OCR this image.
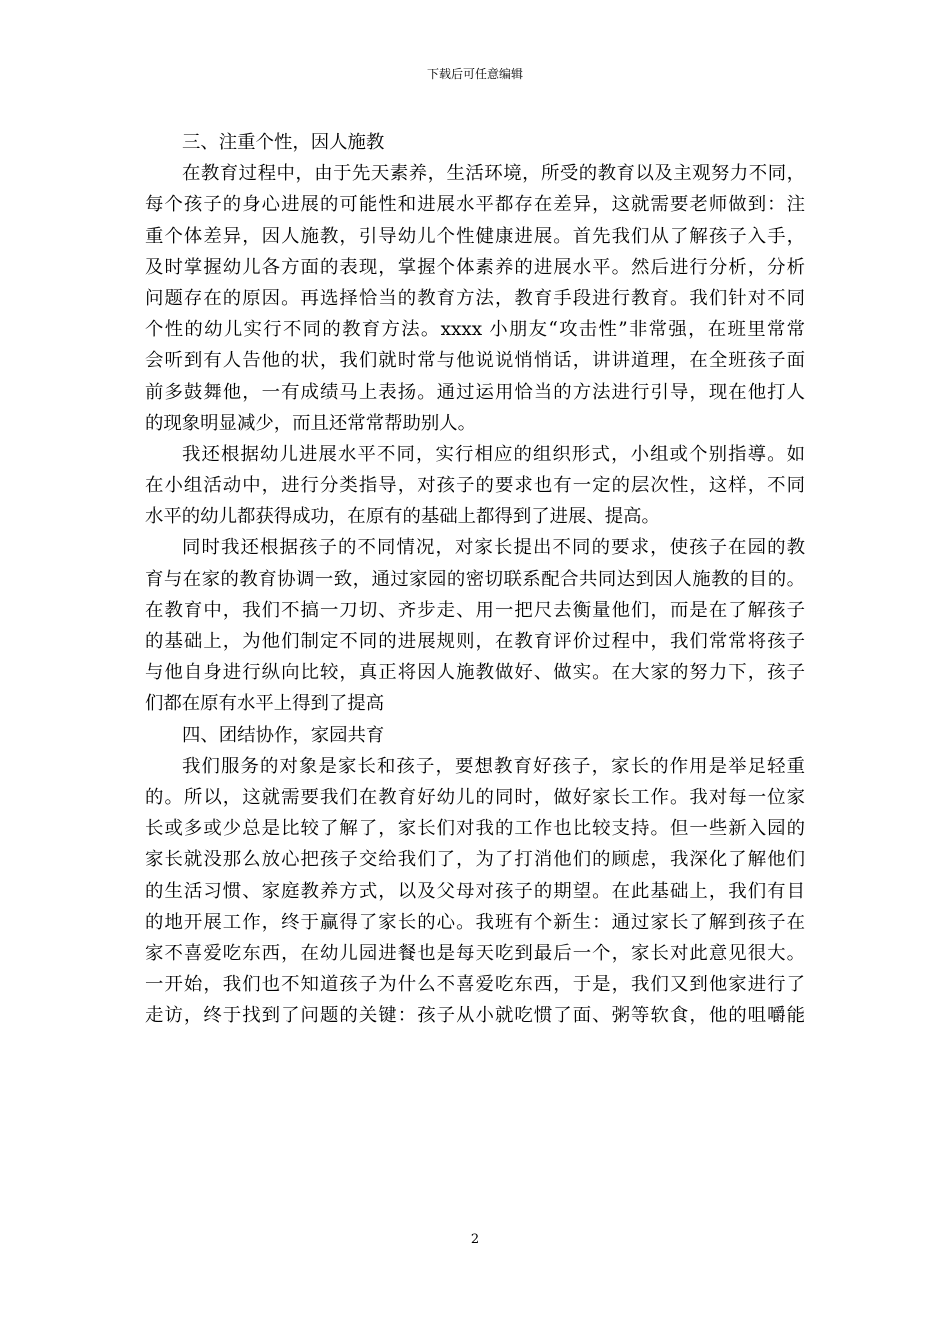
下载后可任意编辑
三、注重个性，因人施教
在教育过程中，由于先天素养，生活环境，所受的教育以及主观努力不同，
每个孩子的身心进展的可能性和进展水平都存在差异，这就需要老师做到：注
重个体差异，因人施教，引导幼儿个性健康进展。首先我们从了解孩子入手，
及时掌握幼儿各方面的表现，掌握个体素养的进展水平。然后进行分析，分析
问题存在的原因。再选择恰当的教育方法，教育手段进行教育。我们针对不同
个性的幼儿实行不同的教育方法。xxxx 小朋友“攻击性”非常强，在班里常常
会听到有人告他的状，我们就时常与他说说悄悄话，讲讲道理，在全班孩子面
前多鼓舞他，一有成绩马上表扬。通过运用恰当的方法进行引导，现在他打人
的现象明显减少，而且还常常帮助别人。
我还根据幼儿进展水平不同，实行相应的组织形式，小组或个别指導。如
在小组活动中，进行分类指导，对孩子的要求也有一定的层次性，这样，不同
水平的幼儿都获得成功，在原有的基础上都得到了进展、提高。
同时我还根据孩子的不同情况，对家长提出不同的要求，使孩子在园的教
育与在家的教育协调一致，通过家园的密切联系配合共同达到因人施教的目的。
在教育中，我们不搞一刀切、齐步走、用一把尺去衡量他们，而是在了解孩子
的基础上，为他们制定不同的进展规则，在教育评价过程中，我们常常将孩子
与他自身进行纵向比较，真正将因人施教做好、做实。在大家的努力下，孩子
们都在原有水平上得到了提高
四、团结协作，家园共育
我们服务的对象是家长和孩子，要想教育好孩子，家长的作用是举足轻重
的。所以，这就需要我们在教育好幼儿的同时，做好家长工作。我对每一位家
长或多或少总是比较了解了，家长们对我的工作也比较支持。但一些新入园的
家长就没那么放心把孩子交给我们了，为了打消他们的顾虑，我深化了解他们
的生活习惯、家庭教养方式，以及父母对孩子的期望。在此基础上，我们有目
的地开展工作，终于赢得了家长的心。我班有个新生：通过家长了解到孩子在
家不喜爱吃东西，在幼儿园进餐也是每天吃到最后一个，家长对此意见很大。
一开始，我们也不知道孩子为什么不喜爱吃东西，于是，我们又到他家进行了
走访，终于找到了问题的关键：孩子从小就吃惯了面、粥等软食，他的咀嚼能
2
